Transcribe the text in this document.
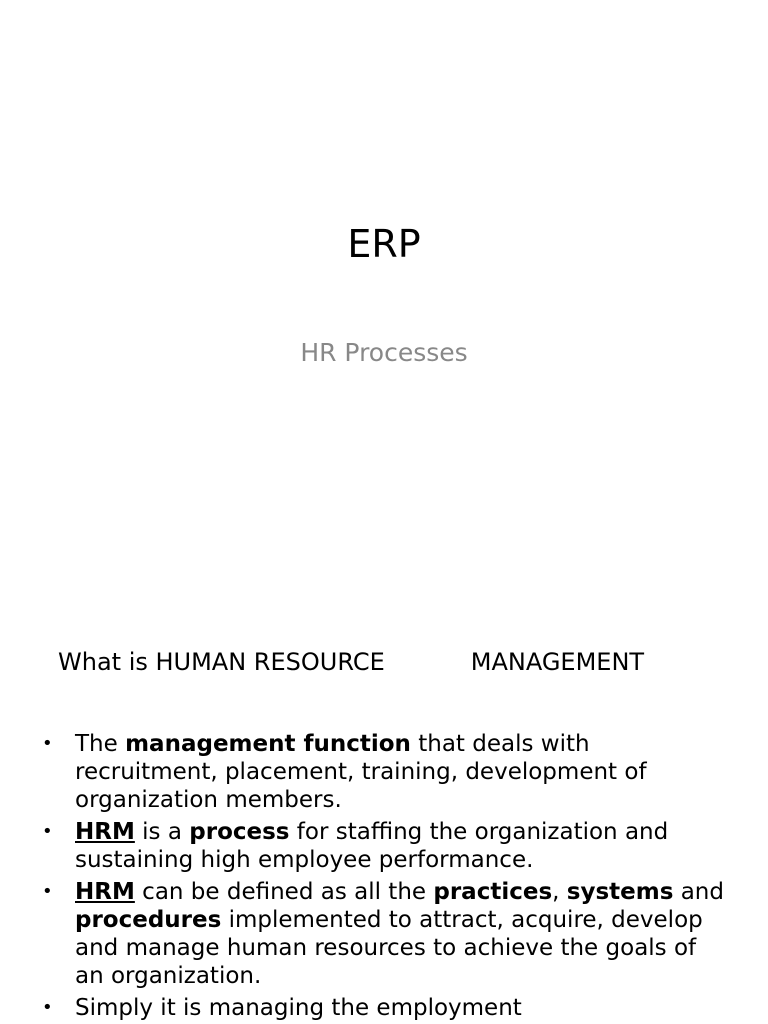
ERP
HR Processes
What is HUMAN RESOURCE	MANAGEMENT
• The management function that deals with recruitment, placement, training, development of organization members.
• HRM is a process for staffing the organization and sustaining high employee performance.
• HRM can be defined as all the practices, systems and procedures implemented to attract, acquire, develop and manage human resources to achieve the goals of an organization.
• Simply it is managing the employment
